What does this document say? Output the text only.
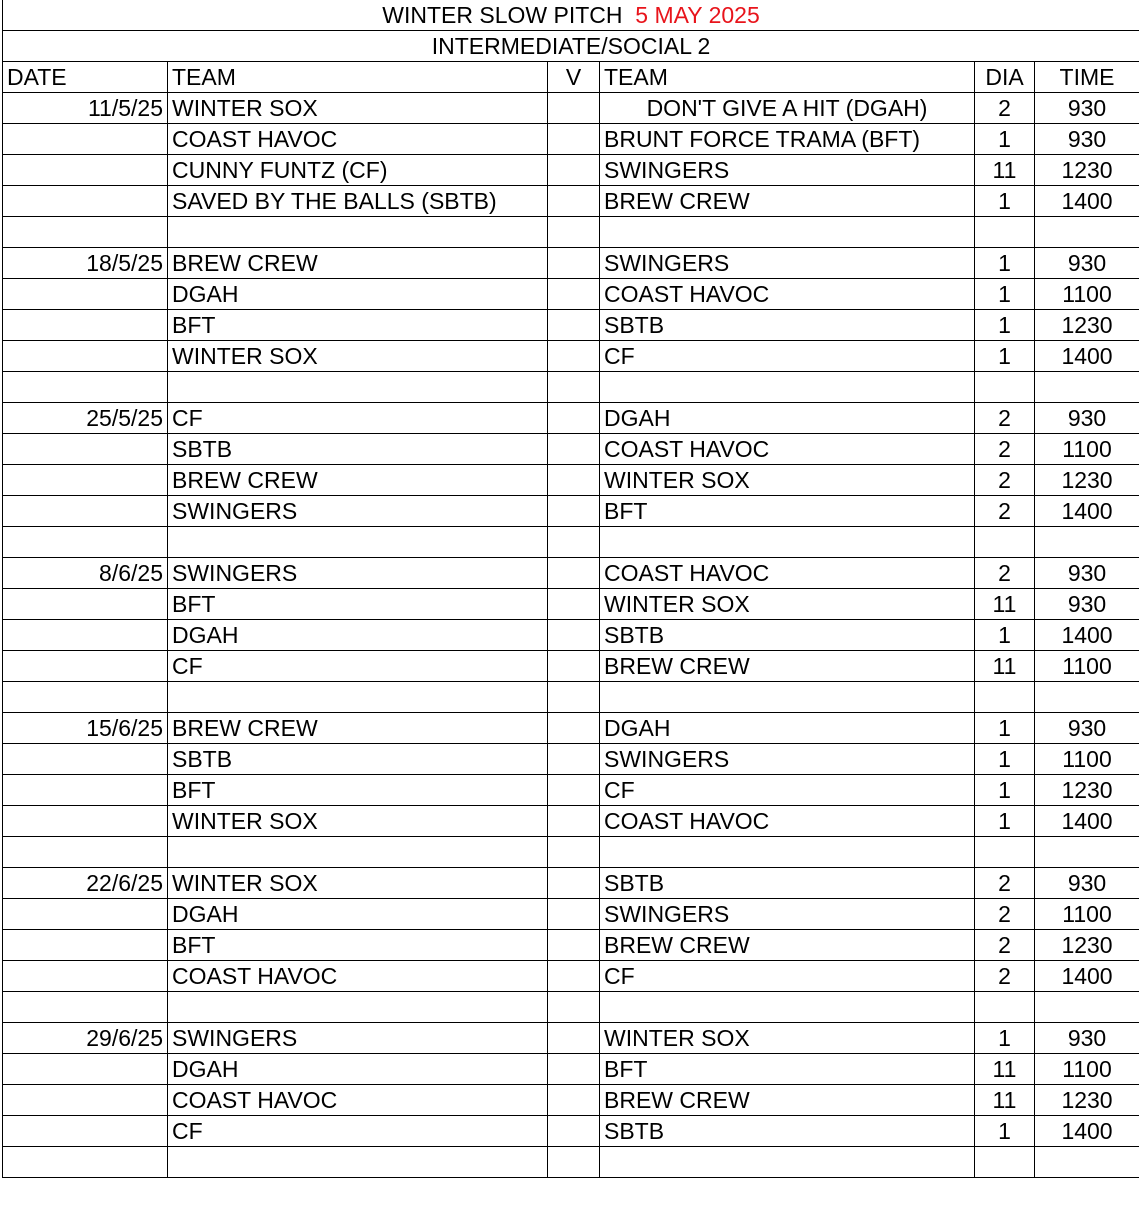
WINTER SLOW PITCH 5 MAY 2025					
INTERMEDIATE/SOCIAL 2					
DATE	TEAM	V	TEAM	DIA	TIME
11/5/25	WINTER SOX		DON'T GIVE A HIT (DGAH)	2	930
	COAST HAVOC		BRUNT FORCE TRAMA (BFT)	1	930
	CUNNY FUNTZ (CF)		SWINGERS	11	1230
	SAVED BY THE BALLS (SBTB)		BREW CREW	1	1400

18/5/25	BREW CREW		SWINGERS	1	930
	DGAH		COAST HAVOC	1	1100
	BFT		SBTB	1	1230
	WINTER SOX		CF	1	1400

25/5/25	CF		DGAH	2	930
	SBTB		COAST HAVOC	2	1100
	BREW CREW		WINTER SOX	2	1230
	SWINGERS		BFT	2	1400

8/6/25	SWINGERS		COAST HAVOC	2	930
	BFT		WINTER SOX	11	930
	DGAH		SBTB	1	1400
	CF		BREW CREW	11	1100

15/6/25	BREW CREW		DGAH	1	930
	SBTB		SWINGERS	1	1100
	BFT		CF	1	1230
	WINTER SOX		COAST HAVOC	1	1400

22/6/25	WINTER SOX		SBTB	2	930
	DGAH		SWINGERS	2	1100
	BFT		BREW CREW	2	1230
	COAST HAVOC		CF	2	1400

29/6/25	SWINGERS		WINTER SOX	1	930
	DGAH		BFT	11	1100
	COAST HAVOC		BREW CREW	11	1230
	CF		SBTB	1	1400
